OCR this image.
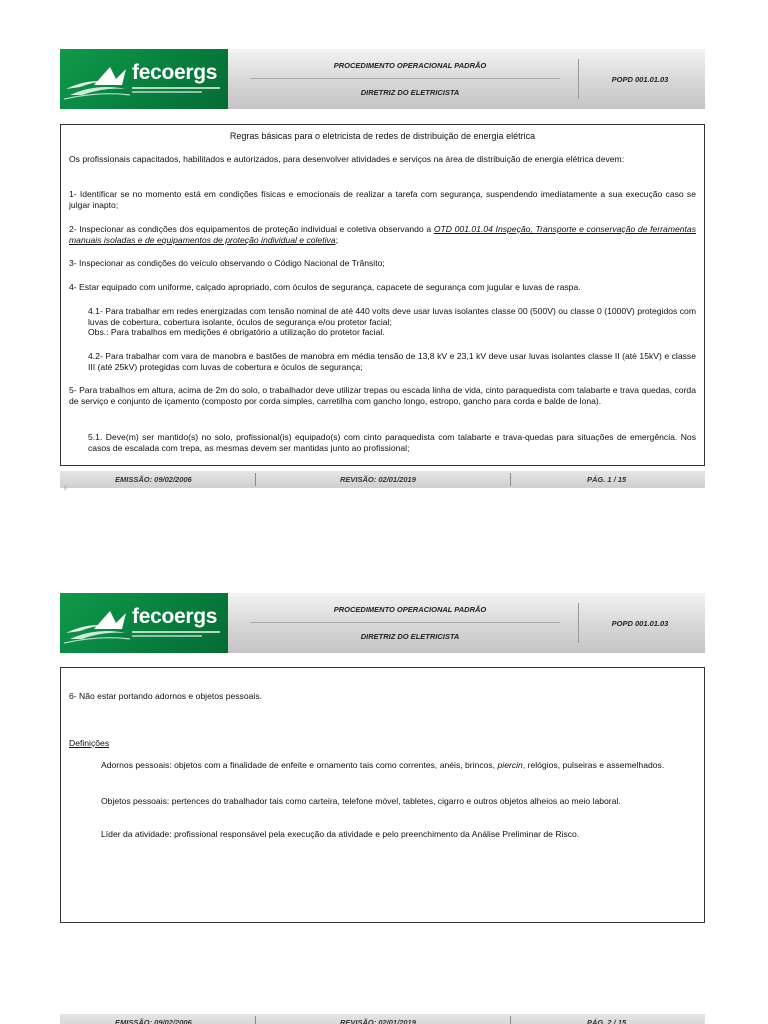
fecoergs	PROCEDIMENTO OPERACIONAL PADRÃO
DIRETRIZ DO ELETRICISTA
POPD 001.01.03

Regras básicas para o eletricista de redes de distribuição de energia elétrica

Os profissionais capacitados, habilitados e autorizados, para desenvolver atividades e serviços na área de distribuição de energia elétrica devem:

1- Identificar se no momento está em condições físicas e emocionais de realizar a tarefa com segurança, suspendendo imediatamente a sua execução caso se julgar inapto;

2- Inspecionar as condições dos equipamentos de proteção individual e coletiva observando a OTD 001.01.04 Inspeção, Transporte e conservação de ferramentas manuais isoladas e de equipamentos de proteção individual e coletiva;

3- Inspecionar as condições do veículo observando o Código Nacional de Trânsito;

4- Estar equipado com uniforme, calçado apropriado, com óculos de segurança, capacete de segurança com jugular e luvas de raspa.

4.1- Para trabalhar em redes energizadas com tensão nominal de até 440 volts deve usar luvas isolantes classe 00 (500V) ou classe 0 (1000V) protegidos com luvas de cobertura, cobertura isolante, óculos de segurança e/ou protetor facial;

Obs.: Para trabalhos em medições é obrigatório a utilização do protetor facial.

4.2- Para trabalhar com vara de manobra e bastões de manobra em média tensão de 13,8 kV e 23,1 kV deve usar luvas isolantes classe II (até 15kV) e classe III (até 25kV) protegidas com luvas de cobertura e óculos de segurança;

5- Para trabalhos em altura, acima de 2m do solo, o trabalhador deve utilizar trepas ou escada linha de vida, cinto paraquedista com talabarte e trava quedas, corda de serviço e conjunto de içamento (composto por corda simples, carretilha com gancho longo, estropo, gancho para corda e balde de lona).

5.1. Deve(m) ser mantido(s) no solo, profissional(is) equipado(s) com cinto paraquedista com talabarte e trava-quedas para situações de emergência. Nos casos de escalada com trepa, as mesmas devem ser mantidas junto ao profissional;

EMISSÃO: 09/02/2006	REVISÃO: 02/01/2019	PÁG. 1 / 15
ii
fecoergs	PROCEDIMENTO OPERACIONAL PADRÃO
DIRETRIZ DO ELETRICISTA
POPD 001.01.03

6- Não estar portando adornos e objetos pessoais.

Definições

Adornos pessoais: objetos com a finalidade de enfeite e ornamento tais como correntes, anéis, brincos, piercin, relógios, pulseiras e assemelhados.

Objetos pessoais: pertences do trabalhador tais como carteira, telefone móvel, tabletes, cigarro e outros objetos alheios ao meio laboral.

Líder da atividade: profissional responsável pela execução da atividade e pelo preenchimento da Análise Preliminar de Risco.

EMISSÃO: 09/02/2006	REVISÃO: 02/01/2019	PÁG. 2 / 15
